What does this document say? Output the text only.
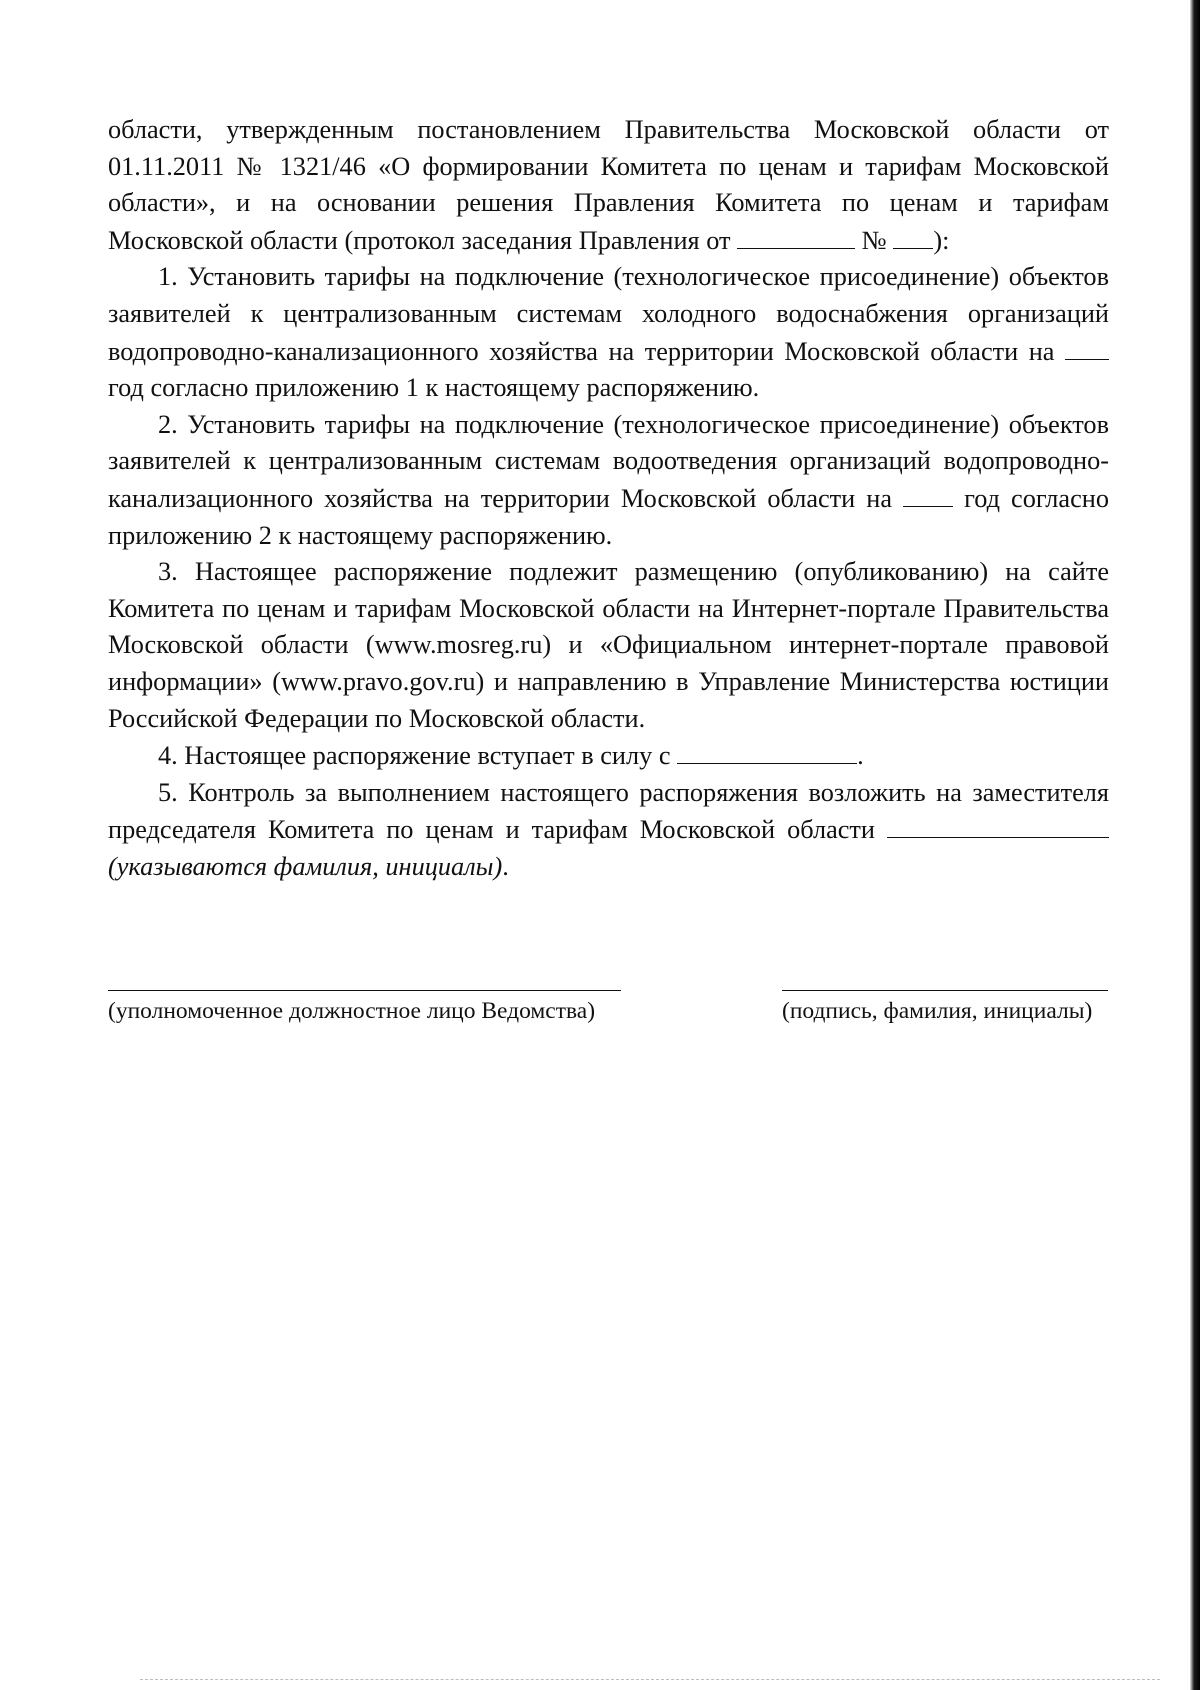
области, утвержденным постановлением Правительства Московской области от 01.11.2011 № 1321/46 «О формировании Комитета по ценам и тарифам Московской области», и на основании решения Правления Комитета по ценам и тарифам Московской области (протокол заседания Правления от	№ ):

1. Установить тарифы на подключение (технологическое присоединение) объектов заявителей к централизованным системам холодного водоснабжения организаций водопроводно-канализационного хозяйства на территории Московской области на  год согласно приложению 1 к настоящему распоряжению.

2. Установить тарифы на подключение (технологическое присоединение) объектов заявителей к централизованным системам водоотведения организаций водопроводно-канализационного хозяйства на территории Московской области на  год согласно приложению 2 к настоящему распоряжению.

3. Настоящее распоряжение подлежит размещению (опубликованию) на сайте Комитета по ценам и тарифам Московской области на Интернет-портале Правительства Московской области (www.mosreg.ru) и «Официальном интернет-портале правовой информации» (www.pravo.gov.ru) и направлению в Управление Министерства юстиции Российской Федерации по Московской области.

4. Настоящее распоряжение вступает в силу с	.

5. Контроль за выполнением настоящего распоряжения возложить на заместителя председателя Комитета по ценам и тарифам Московской области  (указываются фамилия, инициалы).

(уполномоченное должностное лицо Ведомства)	(подпись, фамилия, инициалы)
